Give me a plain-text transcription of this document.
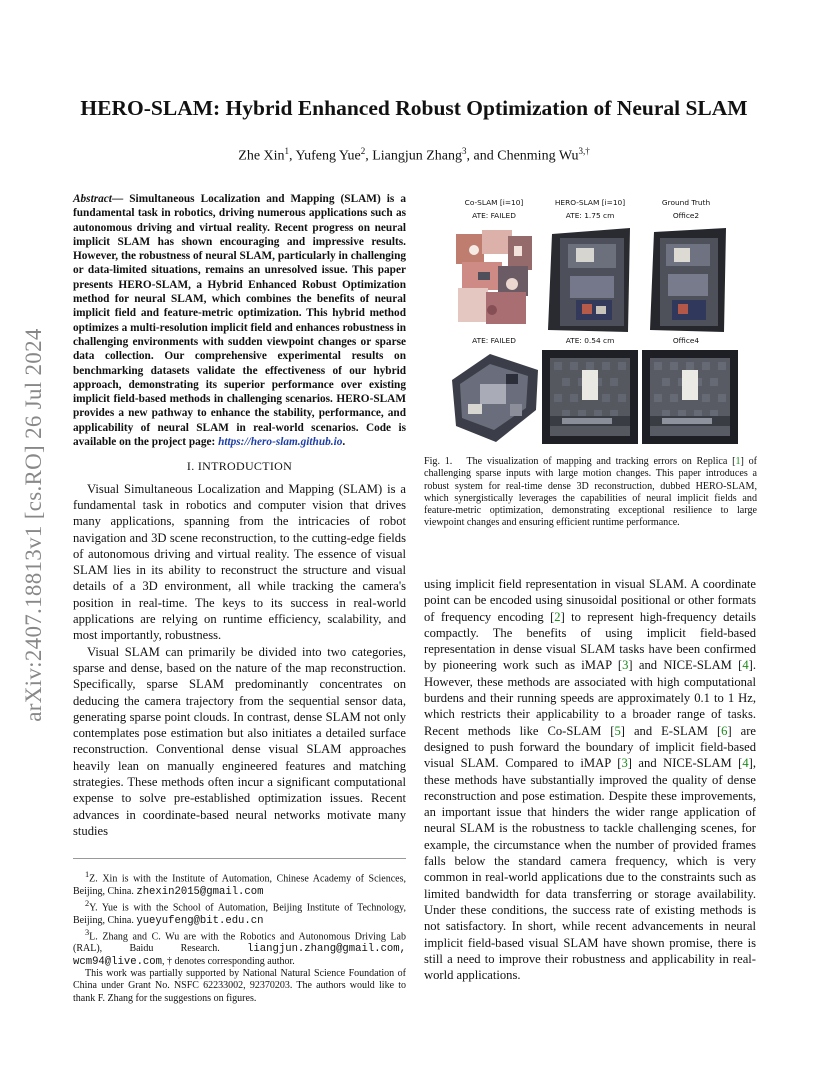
arXiv:2407.18813v1 [cs.RO] 26 Jul 2024
HERO-SLAM: Hybrid Enhanced Robust Optimization of Neural SLAM
Zhe Xin$^1$, Yufeng Yue$^2$, Liangjun Zhang$^3$, and Chenming $Wu^{3,\dagger}$
Abstract— Simultaneous Localization and Mapping (SLAM) is a fundamental task in robotics, driving numerous applications such as autonomous driving and virtual reality. Recent progress on neural implicit SLAM has shown encouraging and impressive results. However, the robustness of neural SLAM, particularly in challenging or data-limited situations, remains an unresolved issue. This paper presents HERO-SLAM, a Hybrid Enhanced Robust Optimization method for neural SLAM, which combines the benefits of neural implicit field and feature-metric optimization. This hybrid method optimizes a multi-resolution implicit field and enhances robustness in challenging environments with sudden viewpoint changes or sparse data collection. Our comprehensive experimental results on benchmarking datasets validate the effectiveness of our hybrid approach, demonstrating its superior performance over existing implicit field-based methods in challenging scenarios. HERO-SLAM provides a new pathway to enhance the stability, performance, and applicability of neural SLAM in real-world scenarios. Code is available on the project page: https://hero-slam.github.io.
I. INTRODUCTION

Visual Simultaneous Localization and Mapping (SLAM) is a fundamental task in robotics and computer vision that drives many applications, spanning from the intricacies of robot navigation and 3D scene reconstruction, to the cutting-edge fields of autonomous driving and virtual reality. The essence of visual SLAM lies in its ability to reconstruct the structure and visual details of a 3D environment, all while tracking the camera's position in real-time. The keys to its success in real-world applications are relying on runtime efficiency, scalability, and most importantly, robustness.

Visual SLAM can primarily be divided into two categories, sparse and dense, based on the nature of the map reconstruction. Specifically, sparse SLAM predominantly concentrates on deducing the camera trajectory from the sequential sensor data, generating sparse point clouds. In contrast, dense SLAM not only contemplates pose estimation but also initiates a detailed surface reconstruction. Conventional dense visual SLAM approaches heavily lean on manually engineered features and matching strategies. These methods often incur a significant computational expense to solve pre-established optimization issues. Recent advances in coordinate-based neural networks motivate many studies

$^1$Z. Xin is with the Institute of Automation, Chinese Academy of Sciences, Beijing, China. zhexin2015@gmail.com

$^2$Y. Yue is with the School of Automation, Beijing Institute of Technology, Beijing, China. yueyufeng@bit.edu.cn

$^3$L. Zhang and C. Wu are with the Robotics and Autonomous Driving Lab (RAL), Baidu Research.	liangjun.zhang@gmail.com, wcm94@live.com, † denotes corresponding author.

This work was partially supported by National Natural Science Foundation of China under Grant No. NSFC 62233002, 92370203. The authors would like to thank F. Zhang for the suggestions on figures.

Co-SLAM [i=10]
ATE: FAILED
HERO-SLAM [i=10]
ATE: 1.75 cm
Ground Truth
Office2
ATE: FAILED	ATE: 0.54 cm	Office4
Fig. 1. The visualization of mapping and tracking errors on Replica [1] of challenging sparse inputs with large motion changes. This paper introduces a robust system for real-time dense 3D reconstruction, dubbed HERO-SLAM, which synergistically leverages the capabilities of neural implicit fields and feature-metric optimization, demonstrating exceptional resilience to large viewpoint changes and ensuring efficient runtime performance.

using implicit field representation in visual SLAM. A coordinate point can be encoded using sinusoidal positional or other formats of frequency encoding [2] to represent high-frequency details compactly. The benefits of using implicit field-based representation in dense visual SLAM tasks have been confirmed by pioneering work such as iMAP [3] and NICE-SLAM [4]. However, these methods are associated with high computational burdens and their running speeds are approximately 0.1 to 1 Hz, which restricts their applicability to a broader range of tasks. Recent methods like Co-SLAM [5] and E-SLAM [6] are designed to push forward the boundary of implicit field-based visual SLAM. Compared to iMAP [3] and NICE-SLAM [4], these methods have substantially improved the quality of dense reconstruction and pose estimation. Despite these improvements, an important issue that hinders the wider range application of neural SLAM is the robustness to tackle challenging scenes, for example, the circumstance when the number of provided frames falls below the standard camera frequency, which is very common in real-world applications due to the constraints such as limited bandwidth for data transferring or storage availability. Under these conditions, the success rate of existing methods is not satisfactory. In short, while recent advancements in neural implicit field-based visual SLAM have shown promise, there is still a need to improve their robustness and applicability in real-world applications.
